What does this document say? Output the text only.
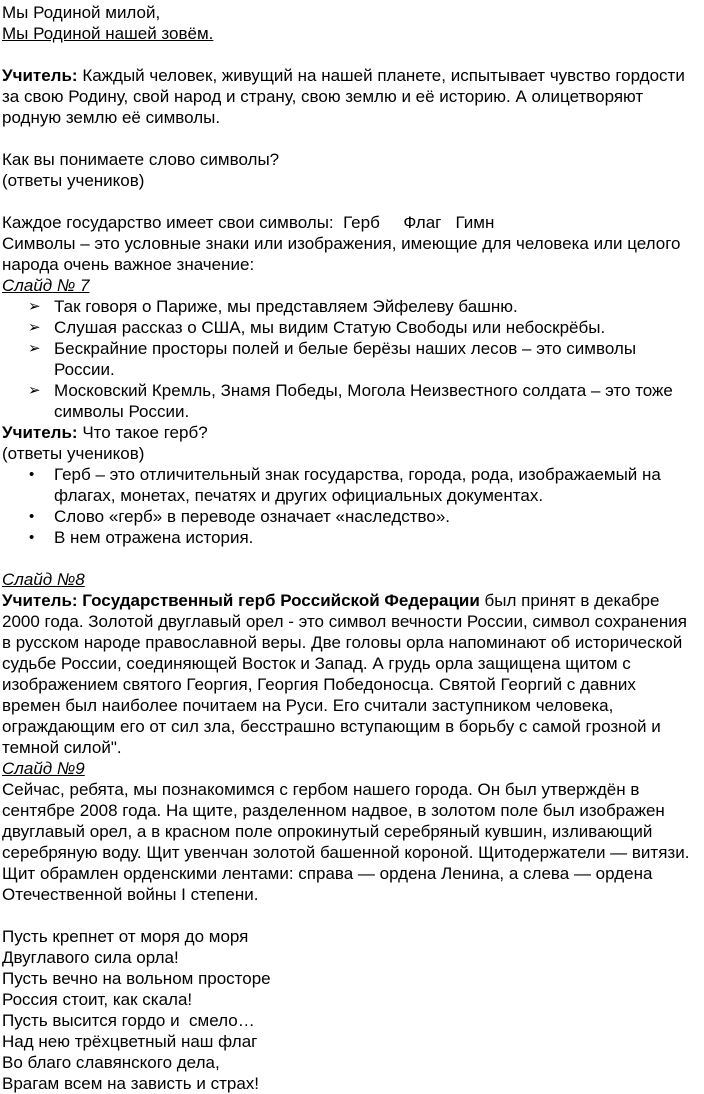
Мы Родиной милой,

Мы Родиной нашей зовём.

Учитель: Каждый человек, живущий на нашей планете, испытывает чувство гордости за свою Родину, свой народ и страну, свою землю и её историю. А олицетворяют родную землю её символы.

Как вы понимаете слово символы?

(ответы учеников)

Каждое государство имеет свои символы:  Герб     Флаг   Гимн

Символы – это условные знаки или изображения, имеющие для человека или целого народа очень важное значение:

Слайд № 7

➢ Так говоря о Париже, мы представляем Эйфелеву башню.
➢ Слушая рассказ о США, мы видим Статую Свободы или небоскрёбы.
➢ Бескрайние просторы полей и белые берёзы наших лесов – это символы России.
➢ Московский Кремль, Знамя Победы, Могола Неизвестного солдата – это тоже символы России.

Учитель: Что такое герб?

(ответы учеников)

• Герб – это отличительный знак государства, города, рода, изображаемый на флагах, монетах, печатях и других официальных документах.
• Слово «герб» в переводе означает «наследство».
• В нем отражена история.

Слайд №8

Учитель: Государственный герб Российской Федерации был принят в декабре 2000 года. Золотой двуглавый орел - это символ вечности России, символ сохранения в русском народе православной веры. Две головы орла напоминают об исторической судьбе России, соединяющей Восток и Запад. А грудь орла защищена щитом с изображением святого Георгия, Георгия Победоносца. Святой Георгий с давних времен был наиболее почитаем на Руси. Его считали заступником человека, ограждающим его от сил зла, бесстрашно вступающим в борьбу с самой грозной и темной силой".

Слайд №9

Сейчас, ребята, мы познакомимся с гербом нашего города. Он был утверждён в сентябре 2008 года. На щите, разделенном надвое, в золотом поле был изображен двуглавый орел, а в красном поле опрокинутый серебряный кувшин, изливающий серебряную воду. Щит увенчан золотой башенной короной. Щитодержатели — витязи. Щит обрамлен орденскими лентами: справа — ордена Ленина, а слева — ордена Отечественной войны I степени.

Пусть крепнет от моря до моря

Двуглавого сила орла!

Пусть вечно на вольном просторе

Россия стоит, как скала!

Пусть высится гордо и  смело…

Над нею трёхцветный наш флаг

Во благо славянского дела,

Врагам всем на зависть и страх!
